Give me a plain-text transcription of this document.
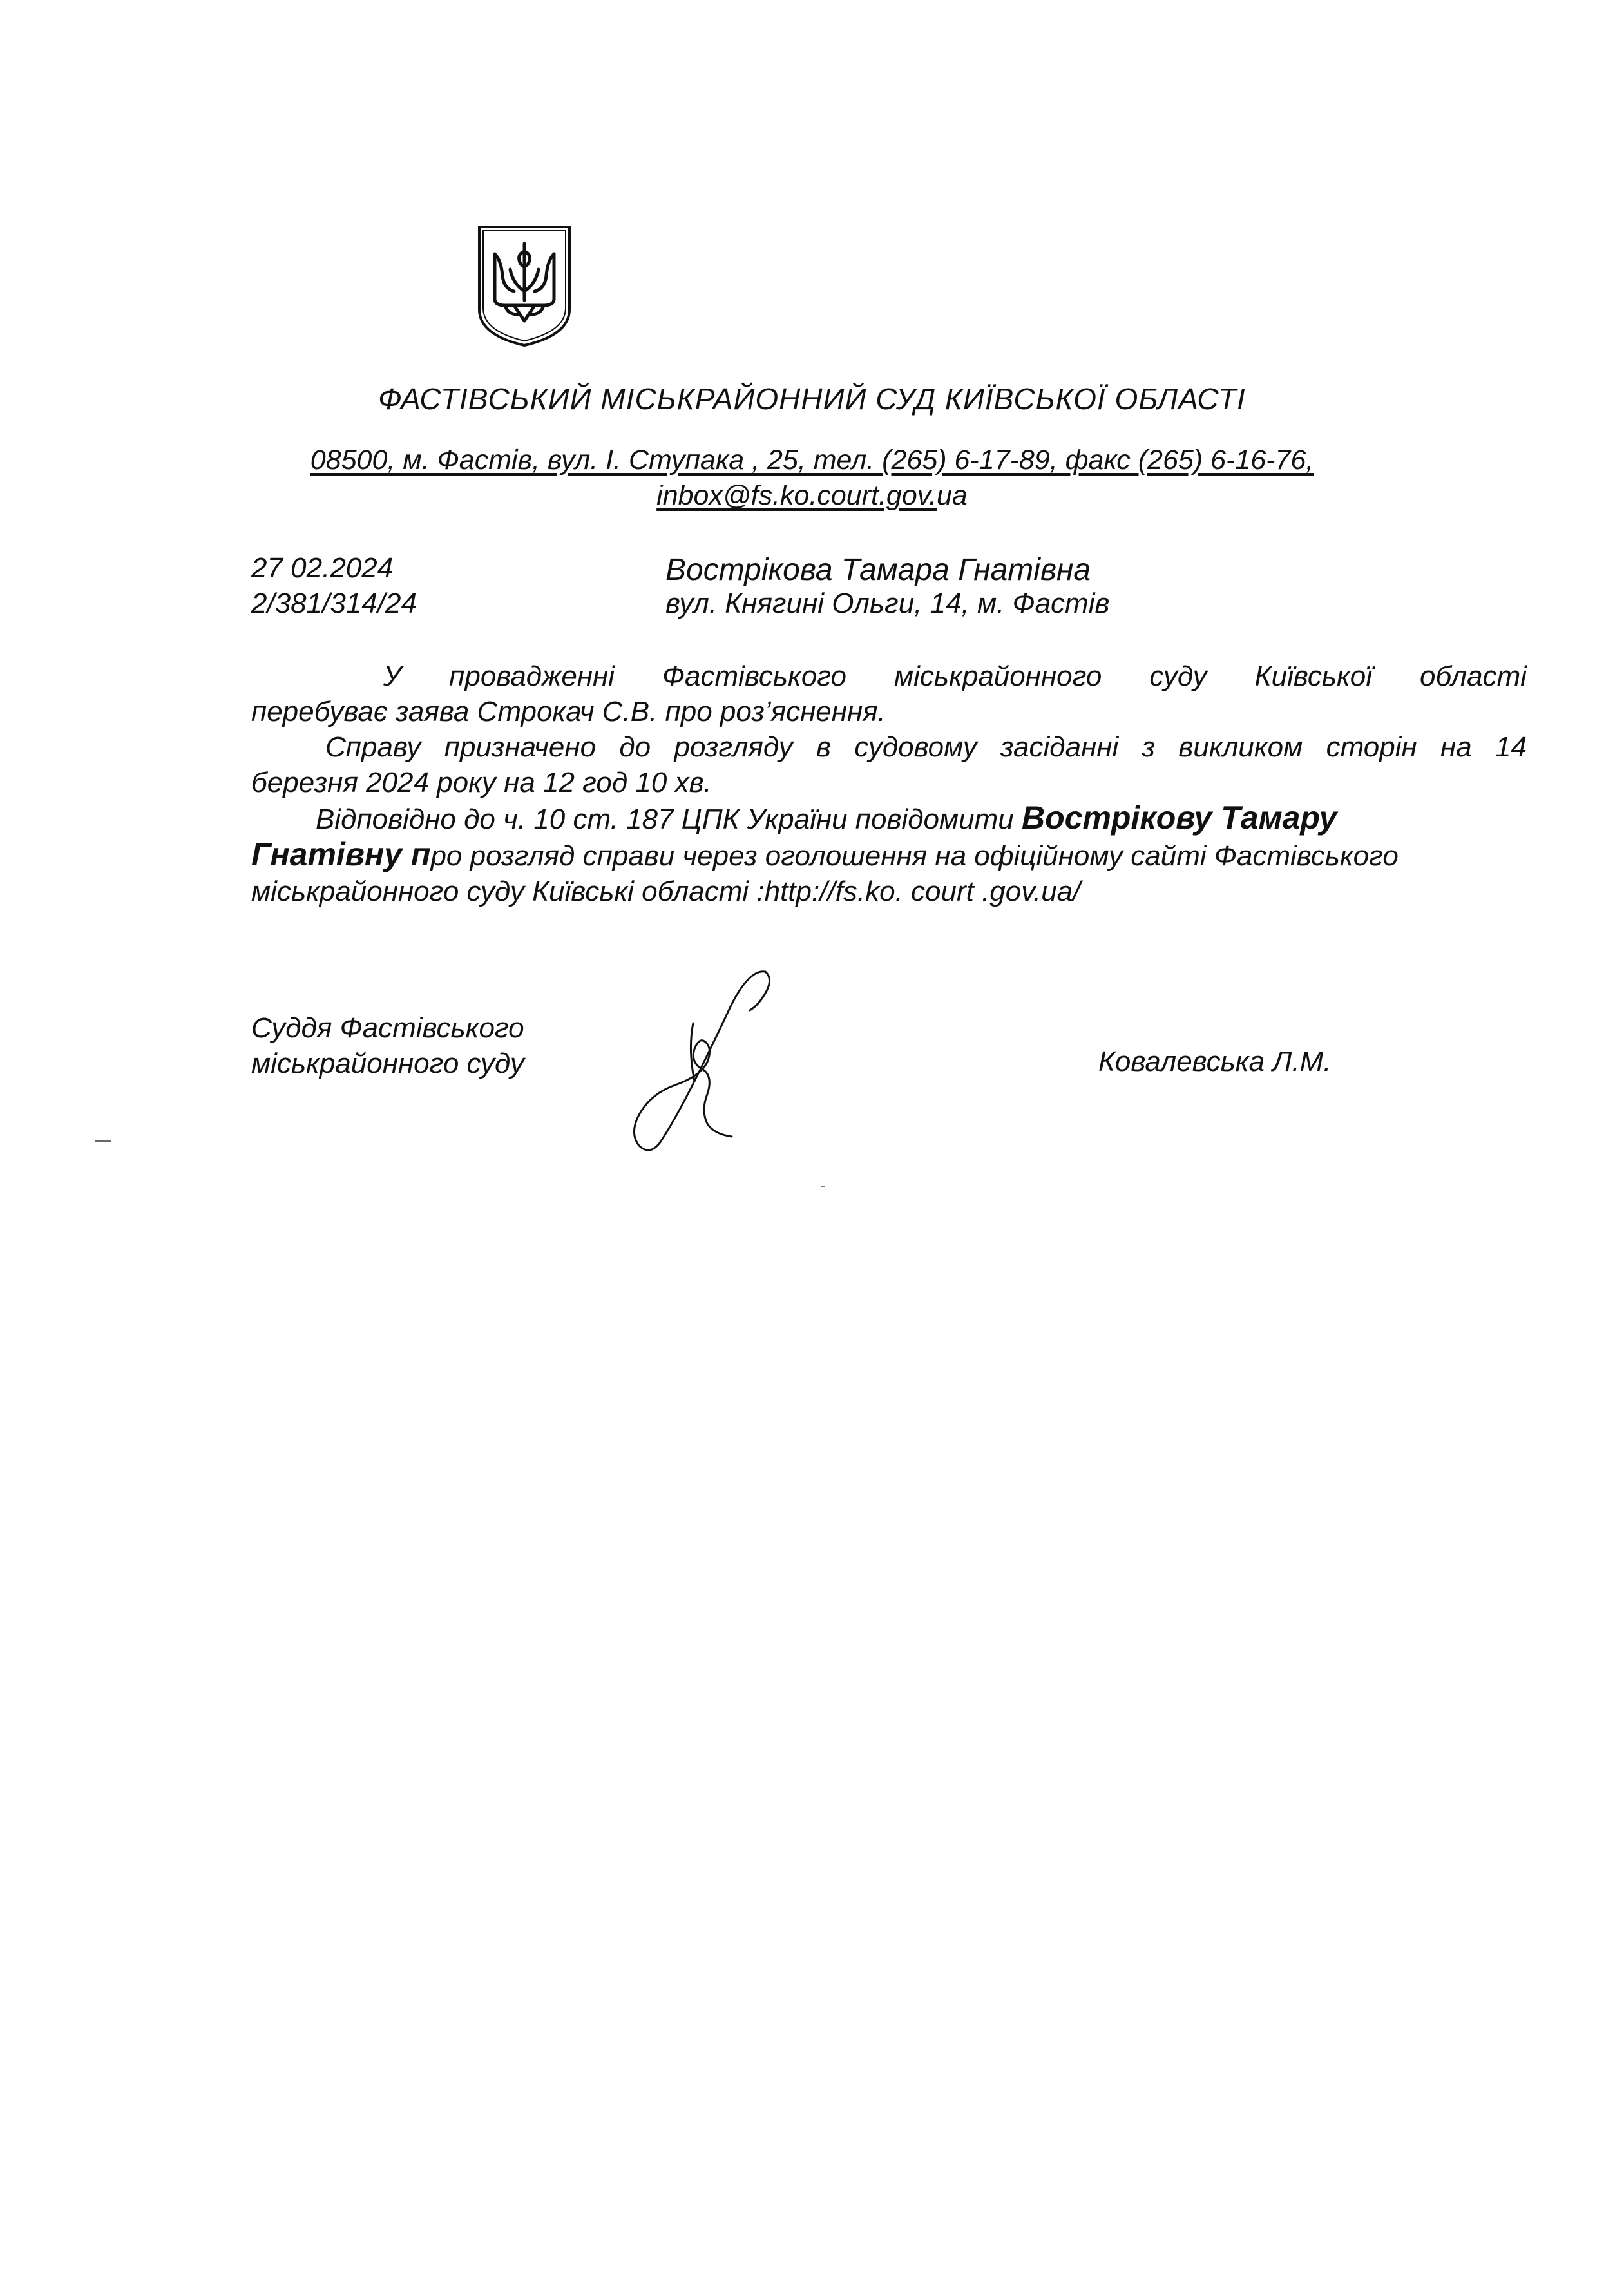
ФАСТІВСЬКИЙ МІСЬКРАЙОННИЙ СУД КИЇВСЬКОЇ ОБЛАСТІ
08500, м. Фастів, вул. І. Ступака , 25, тел. (265) 6-17-89, факс (265) 6-16-76,
inbox@fs.ko.court.gov.ua
27 02.2024
2/381/314/24
Вострікова Тамара Гнатівна
вул. Княгині Ольги, 14, м. Фастів
У провадженні Фастівського міськрайонного суду Київської області
перебуває заява Строкач С.В. про роз’яснення.
Справу призначено до розгляду в судовому засіданні з викликом сторін на 14
березня 2024 року на 12 год 10 хв.
Відповідно до ч. 10 ст. 187 ЦПК України повідомити Вострікову Тамару
Гнатівну про розгляд справи через оголошення на офіційному сайті Фастівського
міськрайонного суду Київські області :http://fs.ko. court .gov.ua/
Суддя Фастівського
міськрайонного суду	Ковалевська Л.М.
